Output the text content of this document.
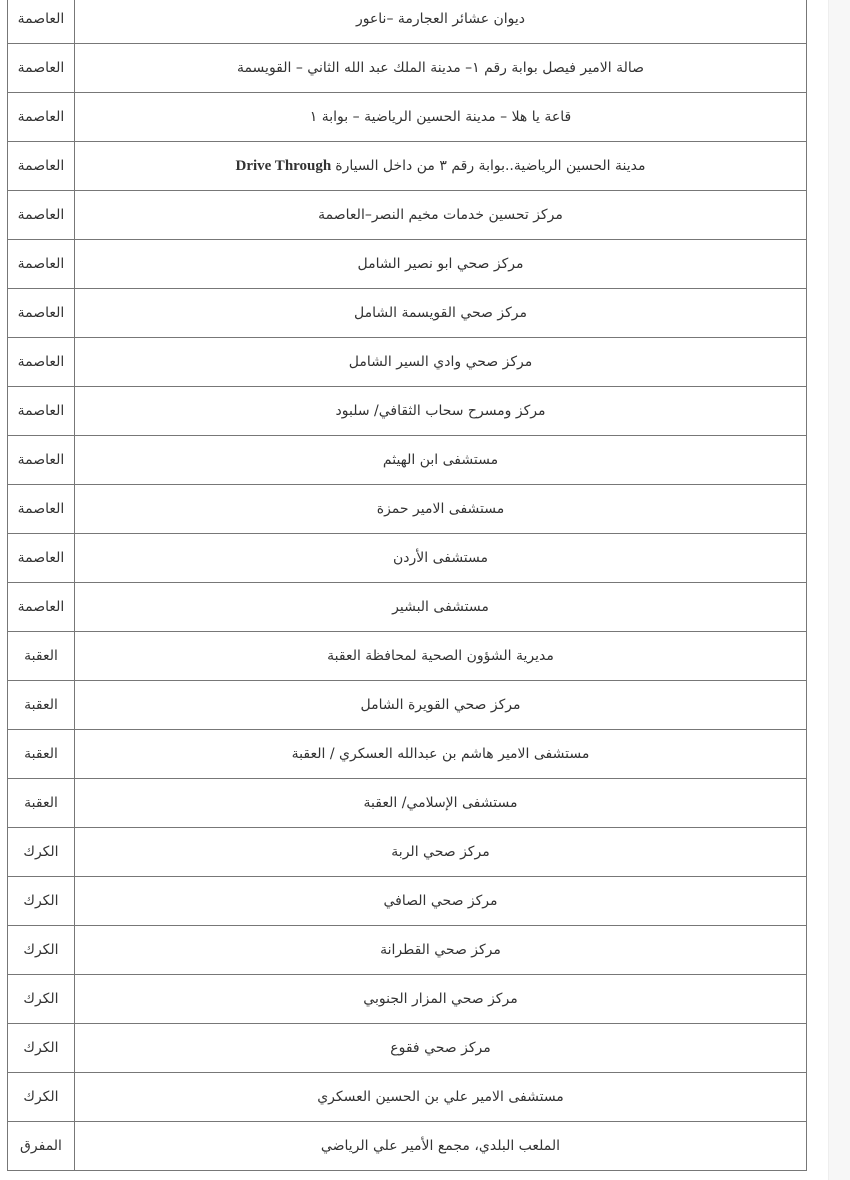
العاصمة	ديوان عشائر العجارمة –ناعور
العاصمة	صالة الامير فيصل بوابة رقم ١– مدينة الملك عبد الله الثاني – القويسمة
العاصمة	قاعة يا هلا – مدينة الحسين الرياضية – بوابة ١
العاصمة	مدينة الحسين الرياضية..بوابة رقم ٣ من داخل السيارةDrive Through
العاصمة	مركز تحسين خدمات مخيم النصر–العاصمة
العاصمة	مركز صحي ابو نصير الشامل
العاصمة	مركز صحي القويسمة الشامل
العاصمة	مركز صحي وادي السير الشامل
العاصمة	مركز ومسرح سحاب الثقافي/ سلبود
العاصمة	مستشفى ابن الهيثم
العاصمة	مستشفى الامير حمزة
العاصمة	مستشفى الأردن
العاصمة	مستشفى البشير
العقبة	مديرية الشؤون الصحية لمحافظة العقبة
العقبة	مركز صحي القويرة الشامل
العقبة	مستشفى الامير هاشم بن عبدالله العسكري / العقبة
العقبة	مستشفى الإسلامي/ العقبة
الكرك	مركز صحي الربة
الكرك	مركز صحي الصافي
الكرك	مركز صحي القطرانة
الكرك	مركز صحي المزار الجنوبي
الكرك	مركز صحي فقوع
الكرك	مستشفى الامير علي بن الحسين العسكري
المفرق	الملعب البلدي، مجمع الأمير علي الرياضي
